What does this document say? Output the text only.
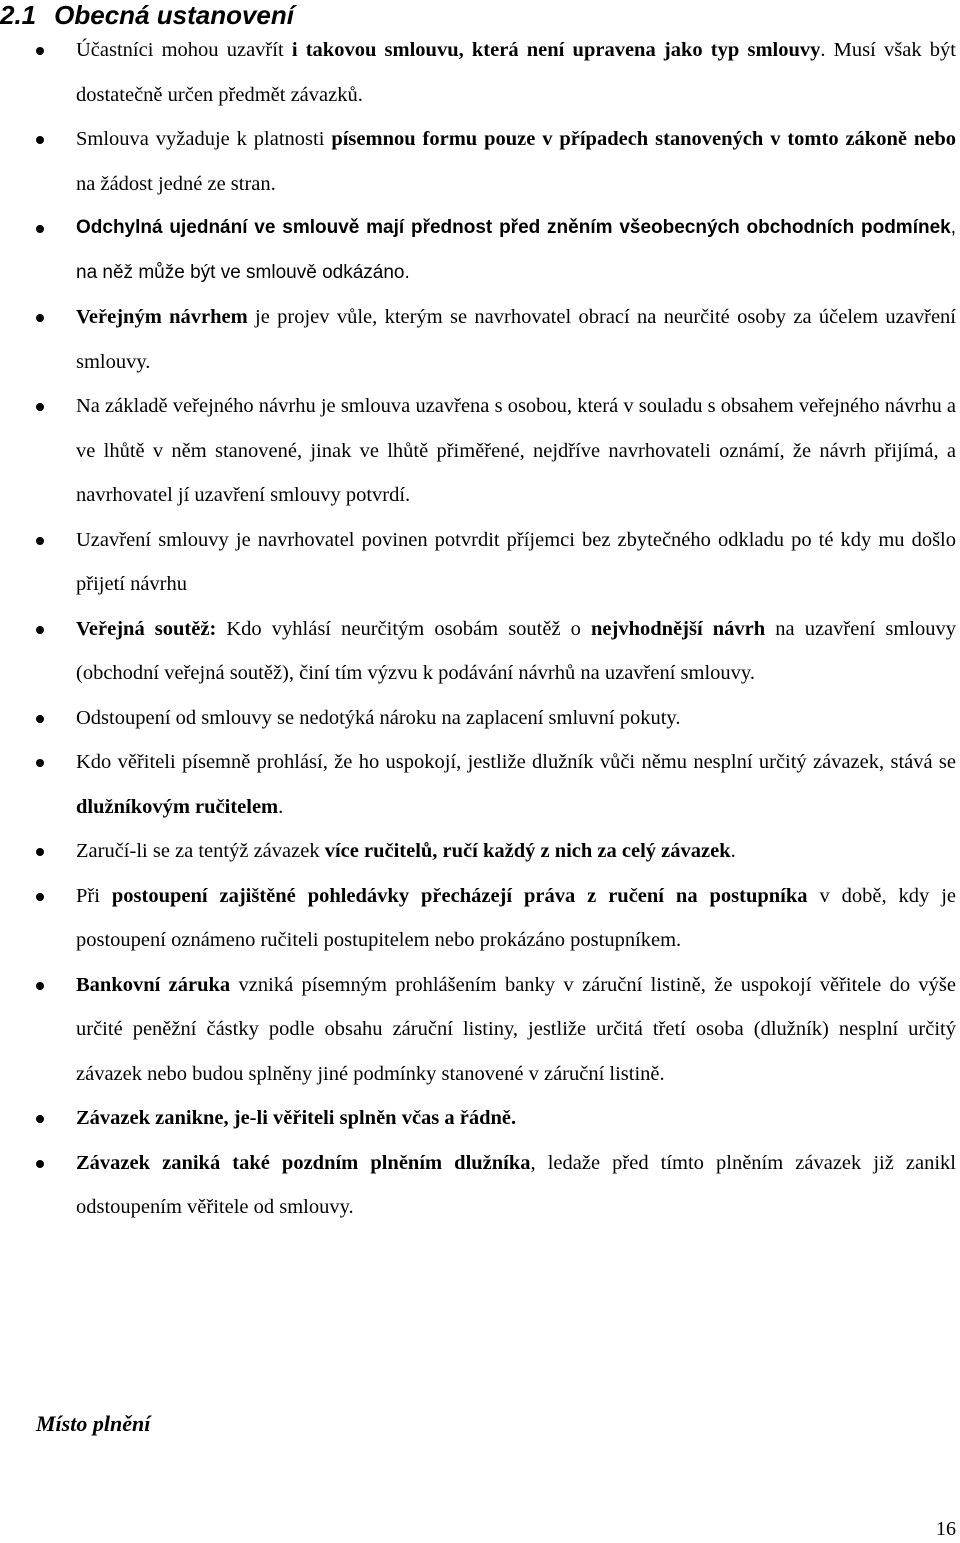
2.1 Obecná ustanovení
Účastníci mohou uzavřít i takovou smlouvu, která není upravena jako typ smlouvy. Musí však být dostatečně určen předmět závazků.
Smlouva vyžaduje k platnosti písemnou formu pouze v případech stanovených v tomto zákoně nebo na žádost jedné ze stran.
Odchylná ujednání ve smlouvě mají přednost před zněním všeobecných obchodních podmínek, na něž může být ve smlouvě odkázáno.
Veřejným návrhem je projev vůle, kterým se navrhovatel obrací na neurčité osoby za účelem uzavření smlouvy.
Na základě veřejného návrhu je smlouva uzavřena s osobou, která v souladu s obsahem veřejného návrhu a ve lhůtě v něm stanovené, jinak ve lhůtě přiměřené, nejdříve navrhovateli oznámí, že návrh přijímá, a navrhovatel jí uzavření smlouvy potvrdí.
Uzavření smlouvy je navrhovatel povinen potvrdit příjemci bez zbytečného odkladu po té kdy mu došlo přijetí návrhu
Veřejná soutěž: Kdo vyhlásí neurčitým osobám soutěž o nejvhodnější návrh na uzavření smlouvy (obchodní veřejná soutěž), činí tím výzvu k podávání návrhů na uzavření smlouvy.
Odstoupení od smlouvy se nedotýká nároku na zaplacení smluvní pokuty.
Kdo věřiteli písemně prohlásí, že ho uspokojí, jestliže dlužník vůči němu nesplní určitý závazek, stává se dlužníkovým ručitelem.
Zaručí-li se za tentýž závazek více ručitelů, ručí každý z nich za celý závazek.
Při postoupení zajištěné pohledávky přecházejí práva z ručení na postupníka v době, kdy je postoupení oznámeno ručiteli postupitelem nebo prokázáno postupníkem.
Bankovní záruka vzniká písemným prohlášením banky v záruční listině, že uspokojí věřitele do výše určité peněžní částky podle obsahu záruční listiny, jestliže určitá třetí osoba (dlužník) nesplní určitý závazek nebo budou splněny jiné podmínky stanovené v záruční listině.
Závazek zanikne, je-li věřiteli splněn včas a řádně.
Závazek zaniká také pozdním plněním dlužníka, ledaže před tímto plněním závazek již zanikl odstoupením věřitele od smlouvy.
Místo plnění
16
